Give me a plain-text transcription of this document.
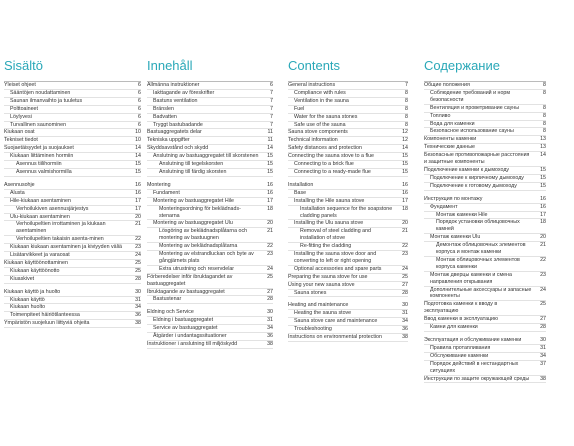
Sisältö
Yleiset ohjeet	6
Sääntöjen noudattaminen	6
Saunan ilmanvaihto ja tuuletus	6
Polttoaineet	6
Löylyvesi	6
Turvallinen saunominen	6
Kiukaan osat	10
Tekniset tiedot	10
Suojaetäisyydet ja suojaukset	14
Kiukaan liittäminen hormiin	14
Asennus tiilihormiin	15
Asennus valmishormilla	15
Asennusohje	16
Alusta	16
Hile-kiukaan asentaminen	17
Verhoilukiven asennusjärjestys	17
Ulu-kiukaan asentaminen	20
Verhoilupeltien irrottaminen ja kiukaan asentaminen
21
Verhoilupeltien takaisin asenta-minen	22
Kiukaan kiukaan asentaminen ja kiviyyden väliä	23
Lisätarvikkeet ja varaosat	24
Kiukaan käyttöönottaminen	25
Kiukaan käyttöönotto	25
Kiuaskivet	28
Kiukaan käyttö ja huolto	30
Kiukaan käyttö	31
Kiukaan huolto	34
Toimenpiteet häiriötilanteessa	36
Ympäristön suojeluun liittyviä ohjeita	38
Innehåll
Allmänna instruktioner	6
Iakttagande av föreskrifter	7
Bastuns ventilation	7
Bränslen	7
Badvatten	7
Tryggt bastubadande	7
Bastuaggregatets delar	11
Tekniska uppgifter	11
Skyddsavstånd och skydd	14
Anslutning av bastuaggregatet till skorstenen	15
Anslutning till tegelskorsten	15
Anslutning till färdig skorsten	15
Montering	16
Fundament	16
Montering av bastuaggregatet Hile	17
Monteringsordning för beklädnads-stenarna
18
Montering av bastuaggregatet Ulu	20
Lösgöring av beklädnadsplåtarna och montering av bastuugnen
21
Montering av beklädnadsplåtarna	22
Montering av elstrandluckan och byte av gångjärnets plats
23
Extra utrustning och reservdelar	24
Förberedelser inför ibruktagandet av bastuaggregatet
25
Ibruktagande av bastuaggregatet	27
Bastustenar	28
Eldning och Service	30
Eldning i bastuaggregatet	31
Service av bastuaggregatet	34
Åtgärder i undantagssituationer	36
Instruktioner i anslutning till miljöskydd	38
Contents
General instructions	7
Compliance with rules	8
Ventilation in the sauna	8
Fuel	8
Water for the sauna stones	8
Safe use of the sauna	8
Sauna stove components	12
Technical information	12
Safety distances and protection	14
Connecting the sauna stove to a flue	15
Connecting to a brick flue	15
Connecting to a ready-made flue	15
Installation	16
Base	16
Installing the Hile sauna stove	17
Installation sequence for the soapstone cladding panels
18
Installing the Ulu sauna stove	20
Removal of steel cladding and installation of stove
21
Re-fitting the cladding	22
Installing the sauna stove door and converting to left or right opening
23
Optional accessories and spare parts	24
Preparing the sauna stove for use	25
Using your new sauna stove	27
Sauna stones	28
Heating and maintenance	30
Heating the sauna stove	31
Sauna stove care and maintenance	34
Troubleshooting	36
Instructions on environmental protection	38
Содержание
Общие положения	8
Соблюдение требований и норм безопасности
8
Вентиляция и проветривание сауны	8
Топливо	8
Вода для каменки	8
Безопасное использование сауны	8
Компоненты каменки	13
Технические данные	13
Безопасные противопожарные расстояния и защитные компоненты
14
Подключение каменки к дымоходу	15
Подключение к кирпичному дымоходу	15
Подключение к готовому дымоходу	15
Инструкция по монтажу	16
Фундамент	16
Монтаж каменки Hile	17
Порядок установки облицовочных камней
18
Монтаж каменки Ulu	20
Демонтаж облицовочных элементов корпуса и монтаж каменки
21
Монтаж облицовочных элементов корпуса каменки
22
Монтаж дверцы каменки и смена направления открывания
23
Дополнительные аксессуары и запасные компоненты
24
Подготовка каменки к вводу в эксплуатацию
25
Ввод каменки в эксплуатацию	27
Камни для каменки	28
Эксплуатация и обслуживание каменки	30
Правила протапливания	31
Обслуживание каменки	34
Порядок действий в нестандартных ситуациях
37
Инструкции по защите окружающей среды	38
